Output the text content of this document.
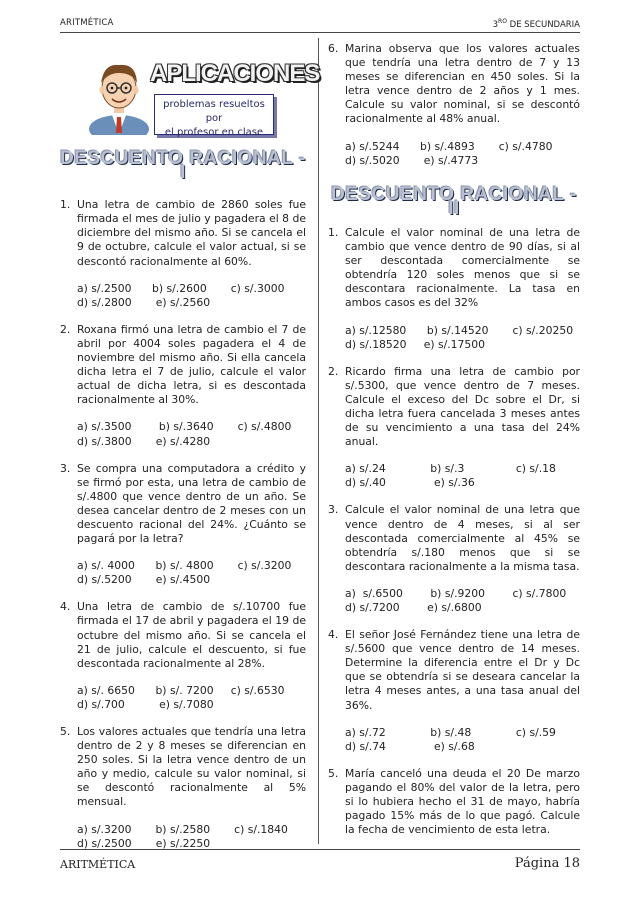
ARITMÉTICA	$3^{RO}$ DE SECUNDARIA
APLICACIONES
problemas resueltos por
el profesor en clase
DESCUENTO RACIONAL - I
1. Una letra de cambio de 2860 soles fue firmada el mes de julio y pagadera el 8 de diciembre del mismo año. Si se cancela el 9 de octubre, calcule el valor actual, si se descontó racionalmente al 60%.
a) s/.2500      b) s/.2600       c) s/.3000
d) s/.2800       e) s/.2560
2. Roxana firmó una letra de cambio el 7 de abril por 4004 soles pagadera el 4 de noviembre del mismo año. Si ella cancela dicha letra el 7 de julio, calcule el valor actual de dicha letra, si es descontada racionalmente al 30%.
a) s/.3500        b) s/.3640       c) s/.4800
d) s/.3800       e) s/.4280
3. Se compra una computadora a crédito y se firmó por esta, una letra de cambio de s/.4800 que vence dentro de un año. Se desea cancelar dentro de 2 meses con un descuento racional del 24%. ¿Cuánto se pagará por la letra?
a) s/. 4000      b) s/. 4800       c) s/.3200
d) s/.5200       e) s/.4500
4. Una letra de cambio de s/.10700 fue firmada el 17 de abril y pagadera el 19 de octubre del mismo año. Si se cancela el 21 de julio, calcule el descuento, si fue descontada racionalmente al 28%.
a) s/. 6650      b) s/. 7200     c) s/.6530
d) s/.700          e) s/.7080
5. Los valores actuales que tendría una letra dentro de 2 y 8 meses se diferencian en 250 soles. Si la letra vence dentro de un año y medio, calcule su valor nominal, si se descontó racionalmente al 5% mensual.
a) s/.3200       b) s/.2580       c) s/.1840
d) s/.2500       e) s/.2250
6. Marina observa que los valores actuales que tendría una letra dentro de 7 y 13 meses se diferencian en 450 soles. Si la letra vence dentro de 2 años y 1 mes. Calcule su valor nominal, si se descontó racionalmente al 48% anual.
a) s/.5244      b) s/.4893       c) s/.4780
d) s/.5020       e) s/.4773
DESCUENTO RACIONAL - II
1. Calcule el valor nominal de una letra de cambio que vence dentro de 90 días, si al ser descontada comercialmente se obtendría 120 soles menos que si se descontara racionalmente. La tasa en ambos casos es del 32%
a) s/.12580      b) s/.14520       c) s/.20250
d) s/.18520     e) s/.17500
2. Ricardo firma una letra de cambio por s/.5300, que vence dentro de 7 meses. Calcule el exceso del Dc sobre el Dr, si dicha letra fuera cancelada 3 meses antes de su vencimiento a una tasa del 24% anual.
a) s/.24             b) s/.3               c) s/.18
d) s/.40              e) s/.36
3. Calcule el valor nominal de una letra que vence dentro de 4 meses, si al ser descontada comercialmente al 45% se obtendría s/.180 menos que si se descontara racionalmente a la misma tasa.
a)  s/.6500        b) s/.9200        c) s/.7800
d) s/.7200        e) s/.6800
4. El señor José Fernández tiene una letra de s/.5600 que vence dentro de 14 meses. Determine la diferencia entre el Dr y Dc que se obtendría si se deseara cancelar la letra 4 meses antes, a una tasa anual del 36%.
a) s/.72             b) s/.48             c) s/.59
d) s/.74              e) s/.68
5. María canceló una deuda el 20 De marzo pagando el 80% del valor de la letra, pero si lo hubiera hecho el 31 de mayo, habría pagado 15% más de lo que pagó. Calcule la fecha de vencimiento de esta letra.
ARITMÉTICA	Página 18
